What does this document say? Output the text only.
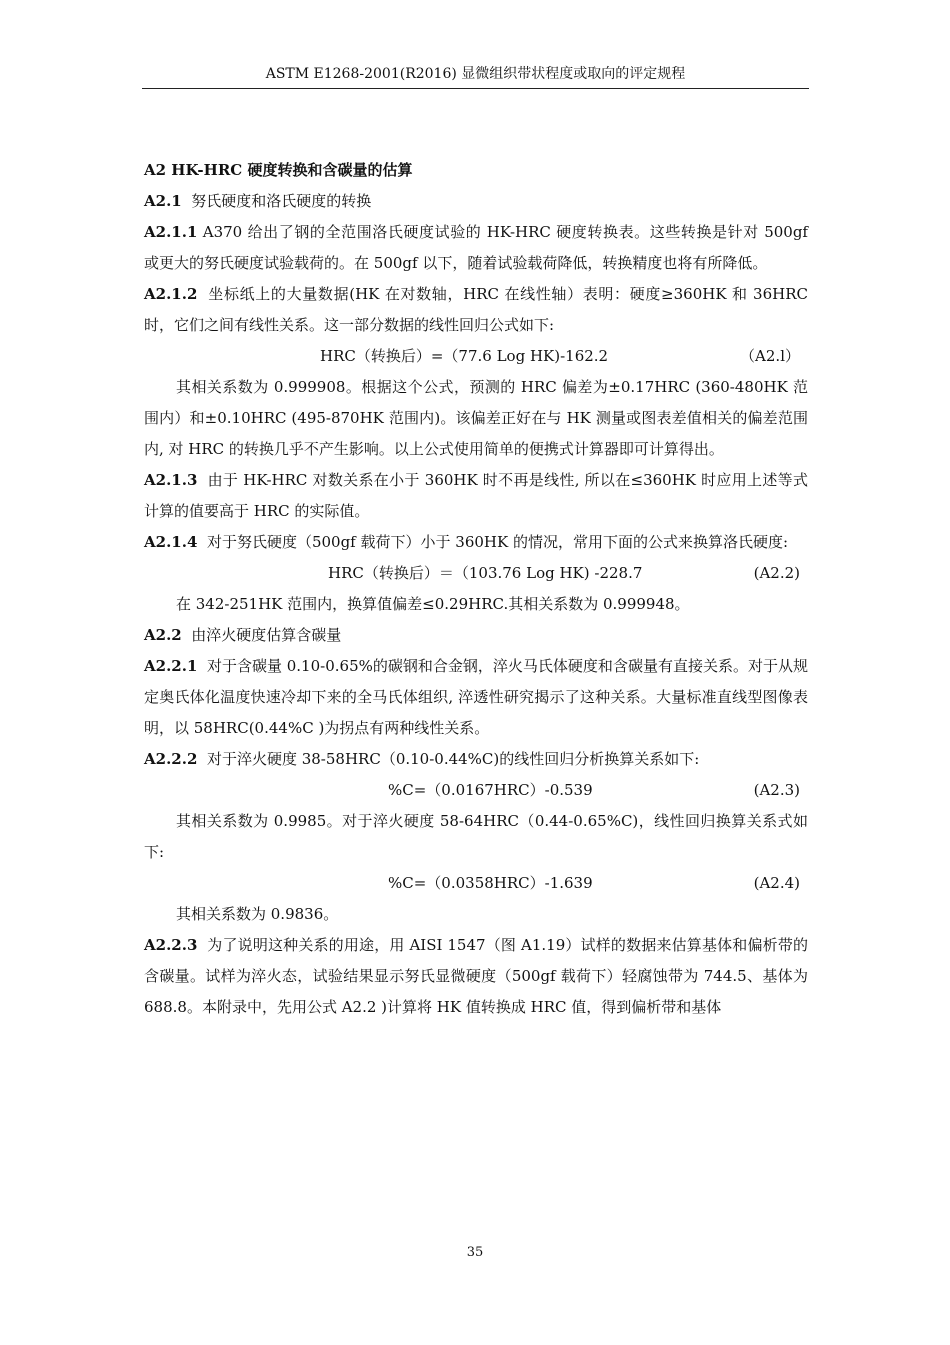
ASTM E1268-2001(R2016) 显微组织带状程度或取向的评定规程

A2 HK-HRC 硬度转换和含碳量的估算

A2.1 努氏硬度和洛氏硬度的转换

A2.1.1 A370 给出了钢的全范围洛氏硬度试验的 HK-HRC 硬度转换表。这些转换是针对 500gf 或更大的努氏硬度试验载荷的。在 500gf 以下，随着试验载荷降低，转换精度也将有所降低。

A2.1.2 坐标纸上的大量数据(HK 在对数轴，HRC 在线性轴）表明：硬度≥360HK 和 36HRC 时，它们之间有线性关系。这一部分数据的线性回归公式如下:

HRC（转换后）=（77.6 Log HK)-162.2	（A2.l）

其相关系数为 0.999908。根据这个公式，预测的 HRC 偏差为±0.17HRC (360-480HK 范围内）和±0.10HRC (495-870HK 范围内)。该偏差正好在与 HK 测量或图表差值相关的偏差范围内, 对 HRC 的转换几乎不产生影响。以上公式使用简单的便携式计算器即可计算得出。

A2.1.3 由于 HK-HRC 对数关系在小于 360HK 时不再是线性, 所以在≤360HK 时应用上述等式计算的值要高于 HRC 的实际值。

A2.1.4 对于努氏硬度（500gf 载荷下）小于 360HK 的情况，常用下面的公式来换算洛氏硬度:

HRC（转换后）＝（103.76 Log HK) -228.7	(A2.2)

在 342-251HK 范围内，换算值偏差≤0.29HRC.其相关系数为 0.999948。

A2.2 由淬火硬度估算含碳量

A2.2.1 对于含碳量 0.10-0.65%的碳钢和合金钢，淬火马氏体硬度和含碳量有直接关系。对于从规定奥氏体化温度快速冷却下来的全马氏体组织, 淬透性研究揭示了这种关系。大量标准直线型图像表明，以 58HRC(0.44%C )为拐点有两种线性关系。

A2.2.2 对于淬火硬度 38-58HRC（0.10-0.44%C)的线性回归分析换算关系如下:

%C=（0.0167HRC）-0.539	(A2.3)

其相关系数为 0.9985。对于淬火硬度 58-64HRC（0.44-0.65%C)，线性回归换算关系式如下:

%C=（0.0358HRC）-1.639	(A2.4)

其相关系数为 0.9836。

A2.2.3 为了说明这种关系的用途，用 AISI 1547（图 A1.19）试样的数据来估算基体和偏析带的含碳量。试样为淬火态，试验结果显示努氏显微硬度（500gf 载荷下）轻腐蚀带为 744.5、基体为 688.8。本附录中，先用公式 A2.2 )计算将 HK 值转换成 HRC 值，得到偏析带和基体

35
